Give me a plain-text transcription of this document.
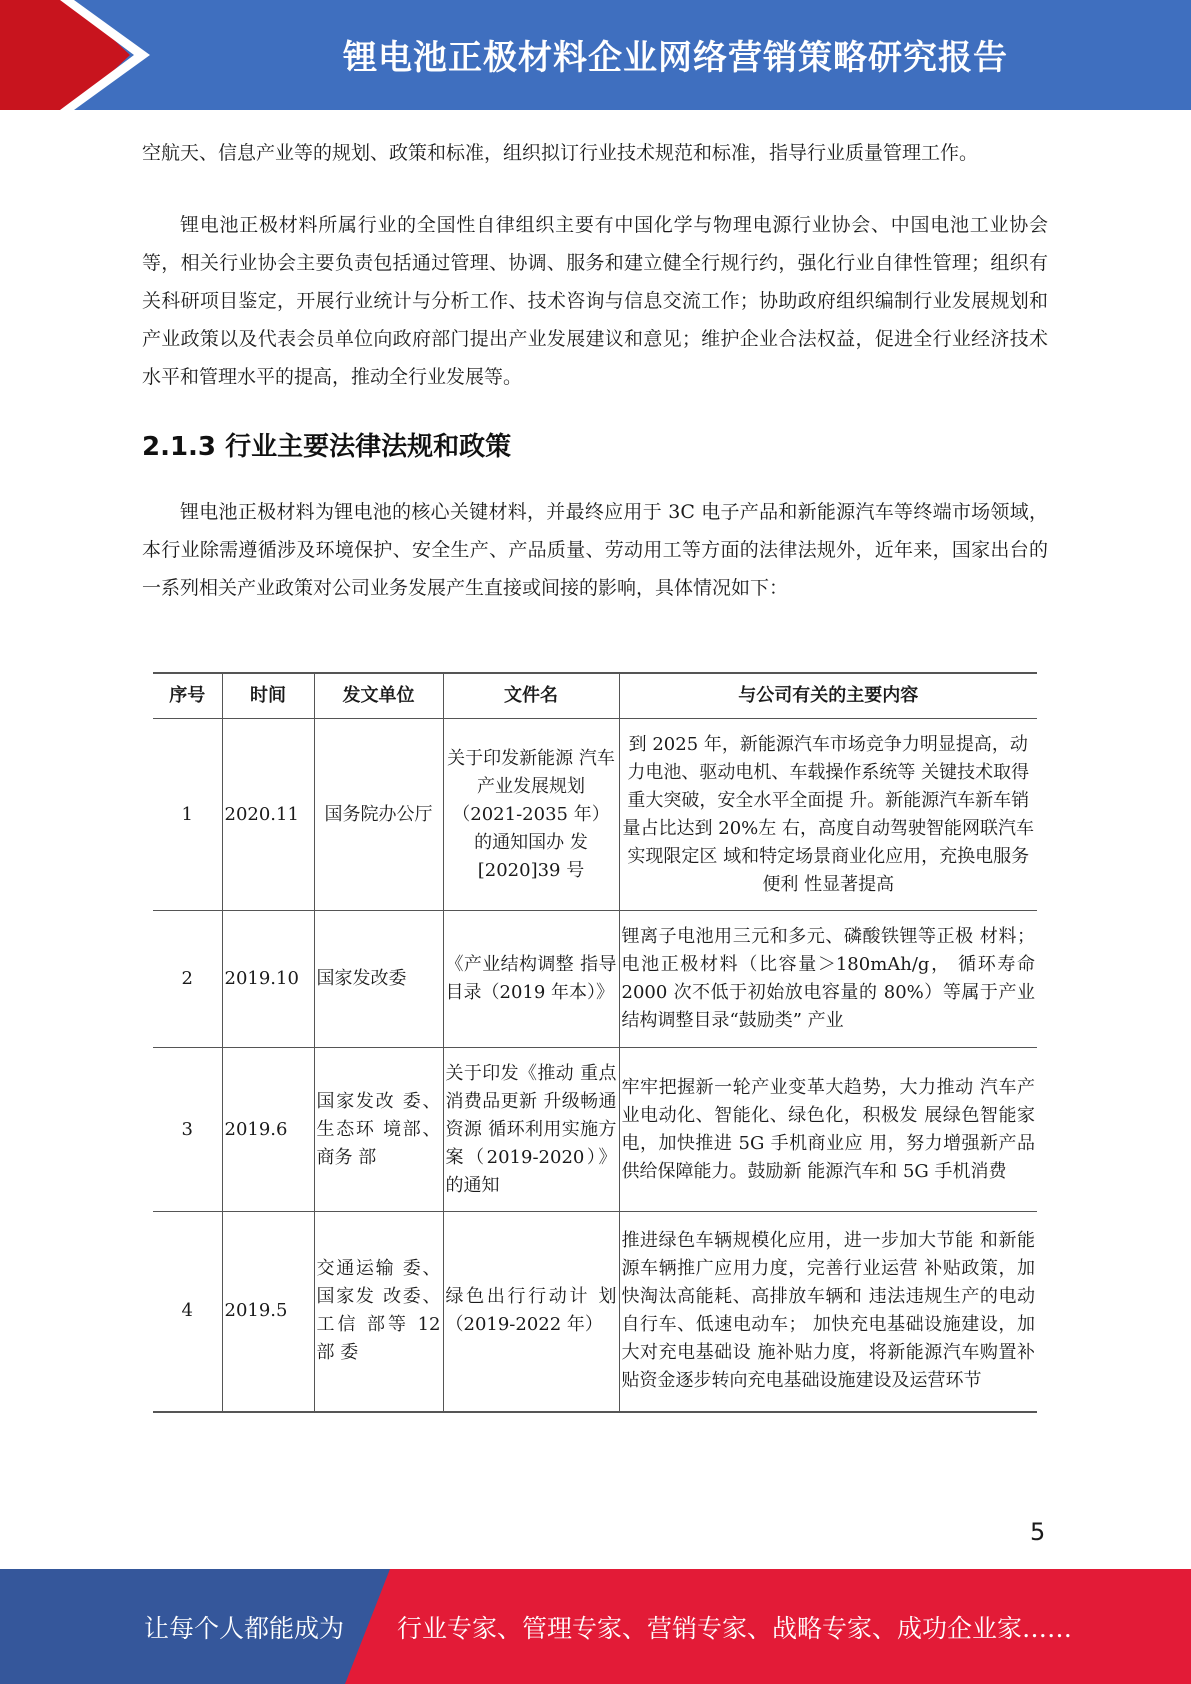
锂电池正极材料企业网络营销策略研究报告

空航天、信息产业等的规划、政策和标准，组织拟订行业技术规范和标准，指导行业质量管理工作。

锂电池正极材料所属行业的全国性自律组织主要有中国化学与物理电源行业协会、中国电池工业协会等，相关行业协会主要负责包括通过管理、协调、服务和建立健全行规行约，强化行业自律性管理；组织有关科研项目鉴定，开展行业统计与分析工作、技术咨询与信息交流工作；协助政府组织编制行业发展规划和产业政策以及代表会员单位向政府部门提出产业发展建议和意见；维护企业合法权益，促进全行业经济技术水平和管理水平的提高，推动全行业发展等。

2.1.3 行业主要法律法规和政策

锂电池正极材料为锂电池的核心关键材料，并最终应用于 3C 电子产品和新能源汽车等终端市场领域，本行业除需遵循涉及环境保护、安全生产、产品质量、劳动用工等方面的法律法规外，近年来，国家出台的一系列相关产业政策对公司业务发展产生直接或间接的影响，具体情况如下：

序号	时间	发文单位	文件名	与公司有关的主要内容
1	2020.11	国务院办公厅	关于印发新能源 汽车产业发展规划（2021-2035 年）的通知国办 发[2020]39 号	到 2025 年，新能源汽车市场竞争力明显提高，动力电池、驱动电机、车载操作系统等 关键技术取得重大突破，安全水平全面提 升。新能源汽车新车销量占比达到 20%左 右，高度自动驾驶智能网联汽车实现限定区 域和特定场景商业化应用，充换电服务便利 性显著提高
2	2019.10	国家发改委	《产业结构调整 指导目录（2019 年本）》	锂离子电池用三元和多元、磷酸铁锂等正极 材料；电池正极材料（比容量＞180mAh/g， 循环寿命 2000 次不低于初始放电容量的 80%）等属于产业结构调整目录“鼓励类” 产业
3	2019.6	国家发改 委、生态环 境部、商务 部	关于印发《推动 重点消费品更新 升级畅通资源 循环利用实施方 案（2019-2020）》 的通知	牢牢把握新一轮产业变革大趋势，大力推动 汽车产业电动化、智能化、绿色化，积极发 展绿色智能家电，加快推进 5G 手机商业应 用，努力增强新产品供给保障能力。鼓励新 能源汽车和 5G 手机消费
4	2019.5	交通运输 委、国家发 改委、工信 部等 12 部 委	绿色出行行动计 划（2019-2022 年）	推进绿色车辆规模化应用，进一步加大节能 和新能源车辆推广应用力度，完善行业运营 补贴政策，加快淘汰高能耗、高排放车辆和 违法违规生产的电动自行车、低速电动车； 加快充电基础设施建设，加大对充电基础设 施补贴力度，将新能源汽车购置补贴资金逐步转向充电基础设施建设及运营环节
5
让每个人都能成为 行业专家、管理专家、营销专家、战略专家、成功企业家……
